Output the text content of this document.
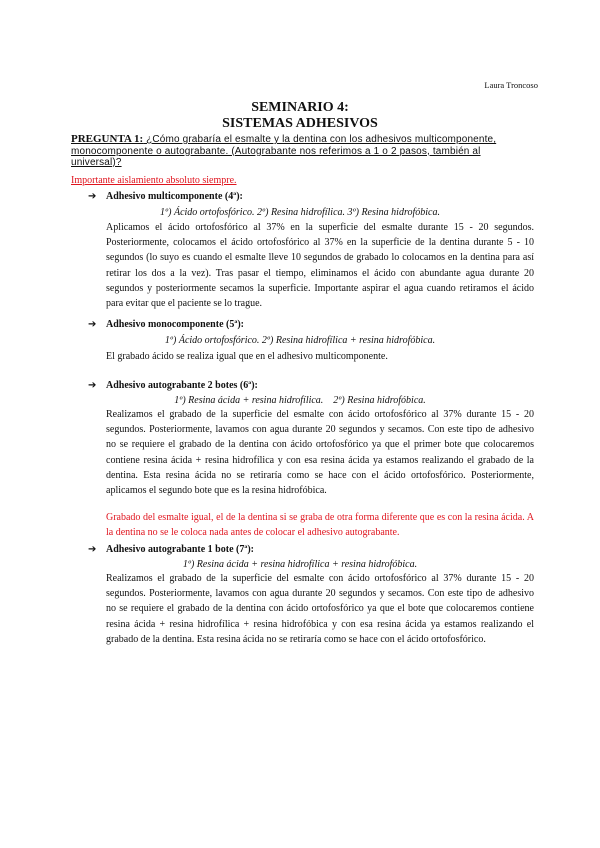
Laura Troncoso
SEMINARIO 4:
SISTEMAS ADHESIVOS
PREGUNTA 1: ¿Cómo grabaría el esmalte y la dentina con los adhesivos multicomponente, monocomponente o autograbante. (Autograbante nos referimos a 1 o 2 pasos, también al universal)?
Importante aislamiento absoluto siempre.
➔ Adhesivo multicomponente (4ª):
1º) Ácido ortofosfórico. 2º) Resina hidrofílica. 3º) Resina hidrofóbica.
Aplicamos el ácido ortofosfórico al 37% en la superficie del esmalte durante 15 - 20 segundos. Posteriormente, colocamos el ácido ortofosfórico al 37% en la superficie de la dentina durante 5 - 10 segundos (lo suyo es cuando el esmalte lleve 10 segundos de grabado lo colocamos en la dentina para así retirar los dos a la vez). Tras pasar el tiempo, eliminamos el ácido con abundante agua durante 20 segundos y posteriormente secamos la superficie. Importante aspirar el agua cuando retiramos el ácido para evitar que el paciente se lo trague.
➔ Adhesivo monocomponente (5ª):
1º) Ácido ortofosfórico. 2º) Resina hidrofílica + resina hidrofóbica.
El grabado ácido se realiza igual que en el adhesivo multicomponente.
➔ Adhesivo autograbante 2 botes (6ª):
1º) Resina ácida + resina hidrofílica.    2º) Resina hidrofóbica.
Realizamos el grabado de la superficie del esmalte con ácido ortofosfórico al 37% durante 15 - 20 segundos. Posteriormente, lavamos con agua durante 20 segundos y secamos. Con este tipo de adhesivo no se requiere el grabado de la dentina con ácido ortofosfórico ya que el primer bote que colocaremos contiene resina ácida + resina hidrofílica y con esa resina ácida ya estamos realizando el grabado de la dentina. Esta resina ácida no se retiraría como se hace con el ácido ortofosfórico. Posteriormente, aplicamos el segundo bote que es la resina hidrofóbica.
Grabado del esmalte igual, el de la dentina si se graba de otra forma diferente que es con la resina ácida. A la dentina no se le coloca nada antes de colocar el adhesivo autograbante.
➔ Adhesivo autograbante 1 bote (7ª):
1º) Resina ácida + resina hidrofílica + resina hidrofóbica.
Realizamos el grabado de la superficie del esmalte con ácido ortofosfórico al 37% durante 15 - 20 segundos. Posteriormente, lavamos con agua durante 20 segundos y secamos. Con este tipo de adhesivo no se requiere el grabado de la dentina con ácido ortofosfórico ya que el bote que colocaremos contiene resina ácida + resina hidrofílica + resina hidrofóbica y con esa resina ácida ya estamos realizando el grabado de la dentina. Esta resina ácida no se retiraría como se hace con el ácido ortofosfórico.
